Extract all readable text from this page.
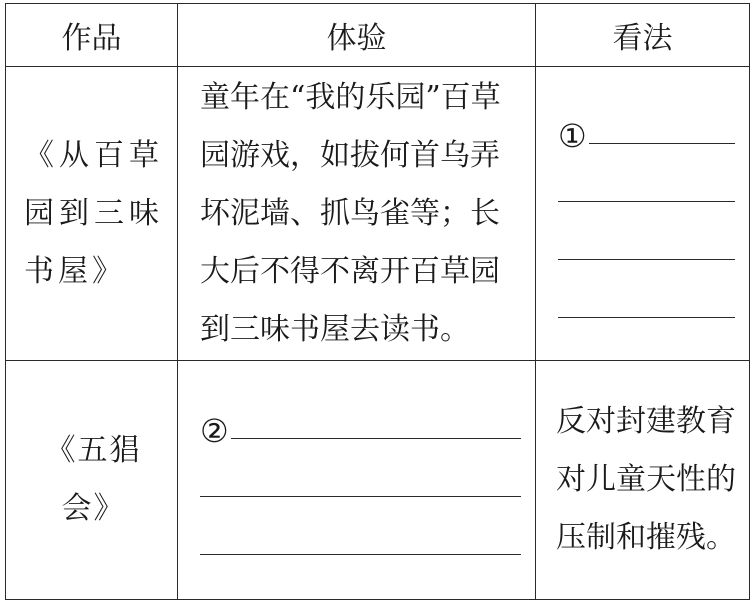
作品	体验	看法
《从百草园到三味书屋》	童年在“我的乐园”百草园游戏，如拔何首乌弄坏泥墙、抓鸟雀等；长大后不得不离开百草园到三味书屋去读书。	①

《五猖会》	②	反对封建教育对儿童天性的压制和摧残。
